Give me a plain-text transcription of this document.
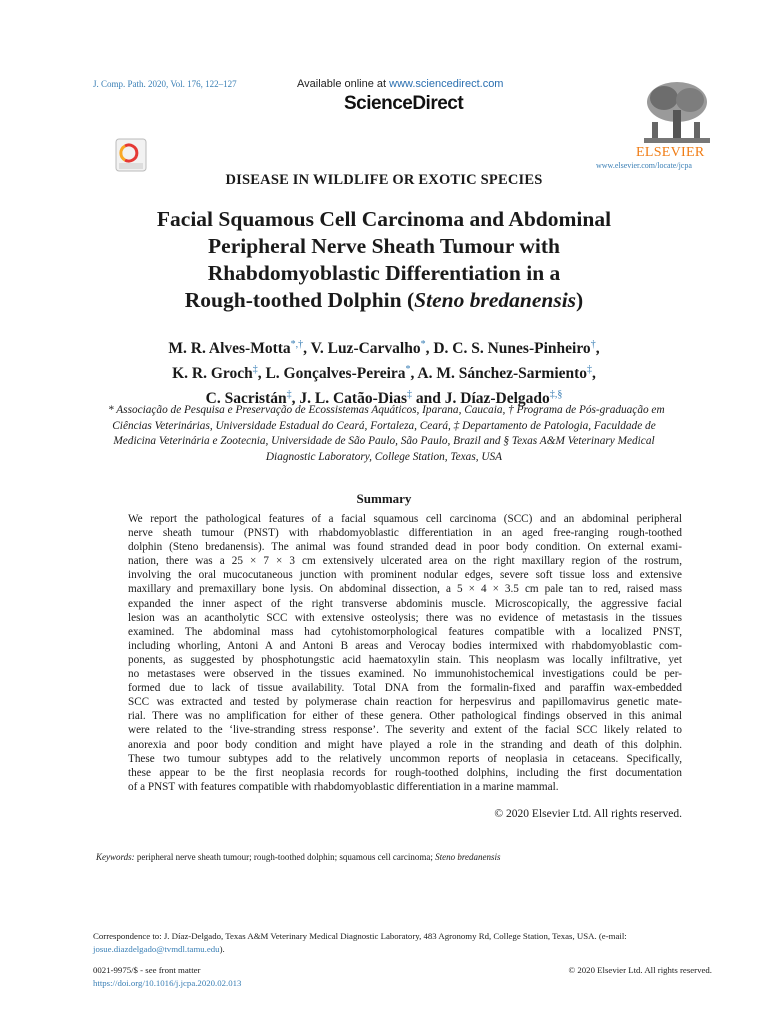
J. Comp. Path. 2020, Vol. 176, 122–127	Available online at www.sciencedirect.com
ScienceDirect
ELSEVIER
www.elsevier.com/locate/jcpa
DISEASE IN WILDLIFE OR EXOTIC SPECIES
Facial Squamous Cell Carcinoma and Abdominal
Peripheral Nerve Sheath Tumour with
Rhabdomyoblastic Differentiation in a
Rough-toothed Dolphin (Steno bredanensis)
M. R. Alves-Motta*,†, V. Luz-Carvalho*, D. C. S. Nunes-Pinheiro†,
K. R. Groch‡, L. Gonçalves-Pereira*, A. M. Sánchez-Sarmiento‡,
C. Sacristán‡, J. L. Catão-Dias‡ and J. Díaz-Delgado‡,§
* Associação de Pesquisa e Preservação de Ecossistemas Aquáticos, Iparana, Caucaia, † Programa de Pós-graduação em
Ciências Veterinárias, Universidade Estadual do Ceará, Fortaleza, Ceará, ‡ Departamento de Patologia, Faculdade de
Medicina Veterinária e Zootecnia, Universidade de São Paulo, São Paulo, Brazil and § Texas A&M Veterinary Medical
Diagnostic Laboratory, College Station, Texas, USA
Summary
We report the pathological features of a facial squamous cell carcinoma (SCC) and an abdominal peripheral
nerve sheath tumour (PNST) with rhabdomyoblastic differentiation in an aged free-ranging rough-toothed
dolphin (Steno bredanensis). The animal was found stranded dead in poor body condition. On external exami-
nation, there was a 25 × 7 × 3 cm extensively ulcerated area on the right maxillary region of the rostrum,
involving the oral mucocutaneous junction with prominent nodular edges, severe soft tissue loss and extensive
maxillary and premaxillary bone lysis. On abdominal dissection, a 5 × 4 × 3.5 cm pale tan to red, raised mass
expanded the inner aspect of the right transverse abdominis muscle. Microscopically, the aggressive facial
lesion was an acantholytic SCC with extensive osteolysis; there was no evidence of metastasis in the tissues
examined. The abdominal mass had cytohistomorphological features compatible with a localized PNST,
including whorling, Antoni A and Antoni B areas and Verocay bodies intermixed with rhabdomyoblastic com-
ponents, as suggested by phosphotungstic acid haematoxylin stain. This neoplasm was locally infiltrative, yet
no metastases were observed in the tissues examined. No immunohistochemical investigations could be per-
formed due to lack of tissue availability. Total DNA from the formalin-fixed and paraffin wax-embedded
SCC was extracted and tested by polymerase chain reaction for herpesvirus and papillomavirus genetic mate-
rial. There was no amplification for either of these genera. Other pathological findings observed in this animal
were related to the ‘live-stranding stress response’. The severity and extent of the facial SCC likely related to
anorexia and poor body condition and might have played a role in the stranding and death of this dolphin.
These two tumour subtypes add to the relatively uncommon reports of neoplasia in cetaceans. Specifically,
these appear to be the first neoplasia records for rough-toothed dolphins, including the first documentation
of a PNST with features compatible with rhabdomyoblastic differentiation in a marine mammal.
© 2020 Elsevier Ltd. All rights reserved.
Keywords: peripheral nerve sheath tumour; rough-toothed dolphin; squamous cell carcinoma; Steno bredanensis
Correspondence to: J. Díaz-Delgado, Texas A&M Veterinary Medical Diagnostic Laboratory, 483 Agronomy Rd, College Station, Texas, USA. (e-mail:
josue.diazdelgado@tvmdl.tamu.edu).
0021-9975/$ - see front matter
https://doi.org/10.1016/j.jcpa.2020.02.013
© 2020 Elsevier Ltd. All rights reserved.
